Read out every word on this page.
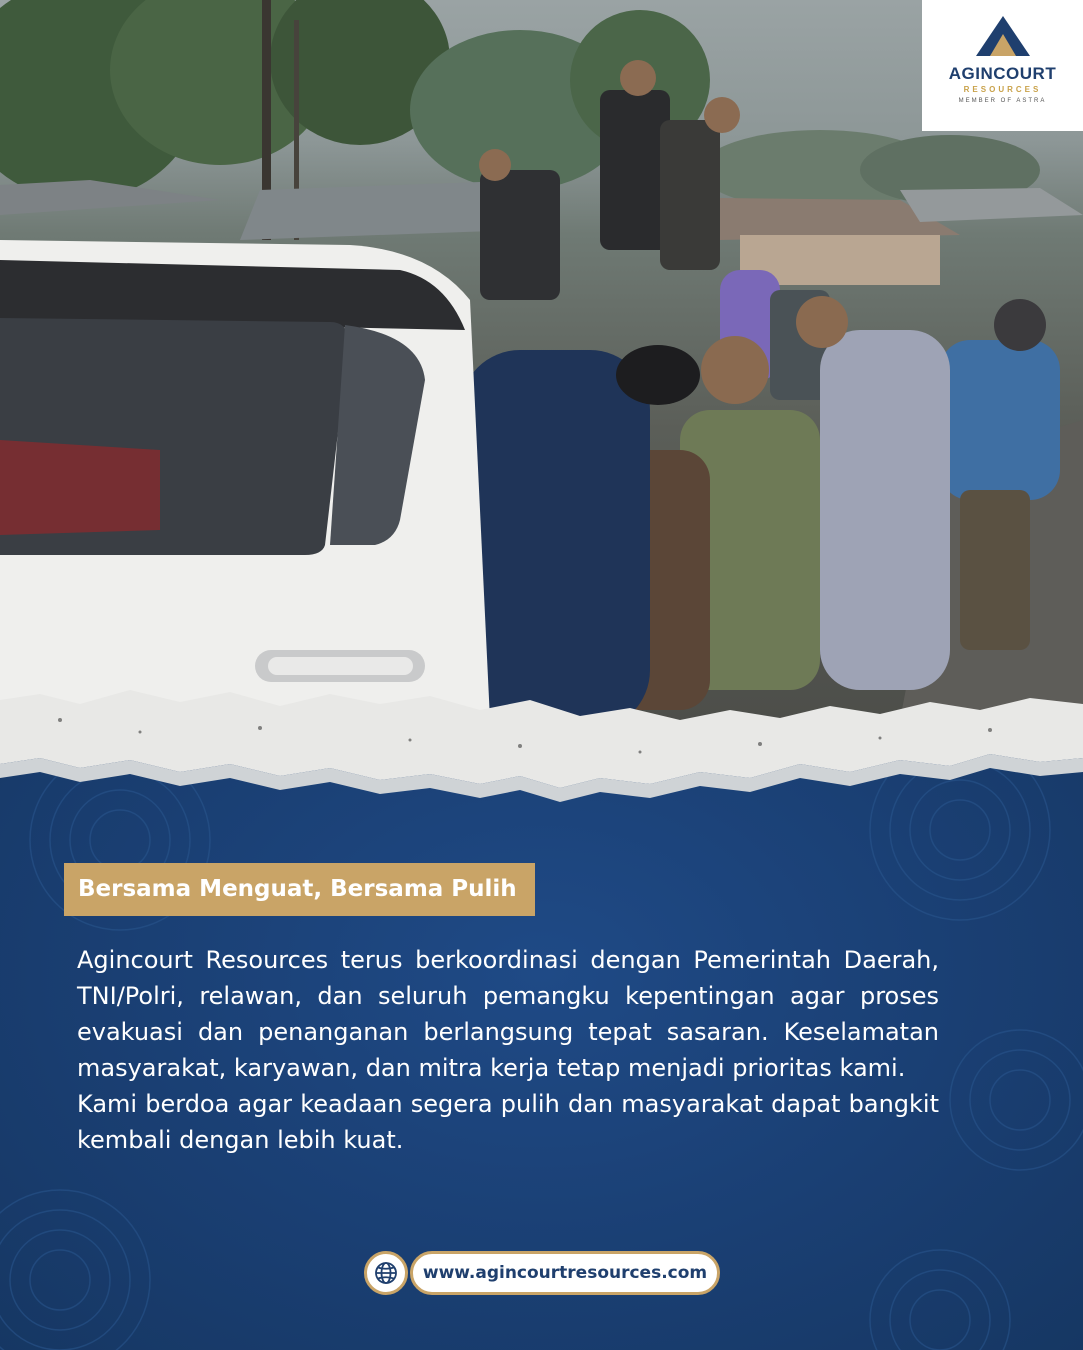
AGINCOURT
RESOURCES
MEMBER OF ASTRA
Bersama Menguat, Bersama Pulih

Agincourt Resources terus berkoordinasi dengan Pemerintah Daerah, TNI/Polri, relawan, dan seluruh pemangku kepentingan agar proses evakuasi dan penanganan berlangsung tepat sasaran. Keselamatan masyarakat, karyawan, dan mitra kerja tetap menjadi prioritas kami.

Kami berdoa agar keadaan segera pulih dan masyarakat dapat bangkit kembali dengan lebih kuat.

www.agincourtresources.com
